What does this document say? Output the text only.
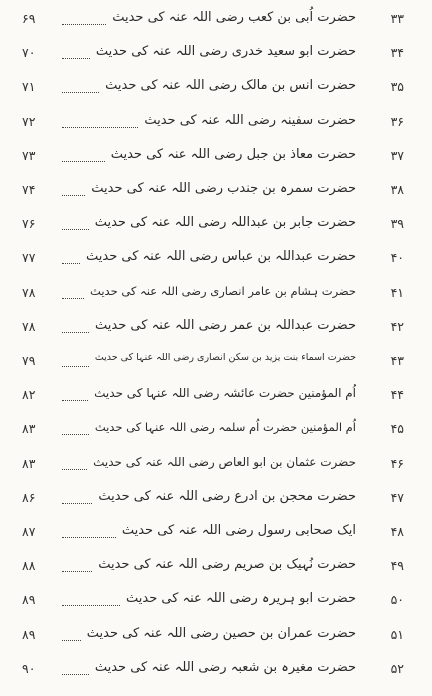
۳۳
حضرت اُبی بن کعب رضی اللہ عنہ کی حدیث
۶۹
۳۴
حضرت ابو سعید خدری رضی اللہ عنہ کی حدیث
۷۰
۳۵
حضرت انس بن مالک رضی اللہ عنہ کی حدیث
۷۱
۳۶
حضرت سفینہ رضی اللہ عنہ کی حدیث
۷۲
۳۷
حضرت معاذ بن جبل رضی اللہ عنہ کی حدیث
۷۳
۳۸
حضرت سمرہ بن جندب رضی اللہ عنہ کی حدیث
۷۴
۳۹
حضرت جابر بن عبداللہ رضی اللہ عنہ کی حدیث
۷۶
۴۰
حضرت عبداللہ بن عباس رضی اللہ عنہ کی حدیث
۷۷
۴۱
حضرت ہشام بن عامر انصاری رضی اللہ عنہ کی حدیث
۷۸
۴۲
حضرت عبداللہ بن عمر رضی اللہ عنہ کی حدیث
۷۸
۴۳
حضرت اسماء بنت یزید بن سکن انصاری رضی اللہ عنہا کی حدیث
۷۹
۴۴
اُم المؤمنین حضرت عائشہ رضی اللہ عنہا کی حدیث
۸۲
۴۵
اُم المؤمنین حضرت اُم سلمہ رضی اللہ عنہا کی حدیث
۸۳
۴۶
حضرت عثمان بن ابو العاص رضی اللہ عنہ کی حدیث
۸۳
۴۷
حضرت محجن بن ادرع رضی اللہ عنہ کی حدیث
۸۶
۴۸
ایک صحابی رسول رضی اللہ عنہ کی حدیث
۸۷
۴۹
حضرت نُہیک بن صریم رضی اللہ عنہ کی حدیث
۸۸
۵۰
حضرت ابو ہریرہ رضی اللہ عنہ کی حدیث
۸۹
۵۱
حضرت عمران بن حصین رضی اللہ عنہ کی حدیث
۸۹
۵۲
حضرت مغیرہ بن شعبہ رضی اللہ عنہ کی حدیث
۹۰
